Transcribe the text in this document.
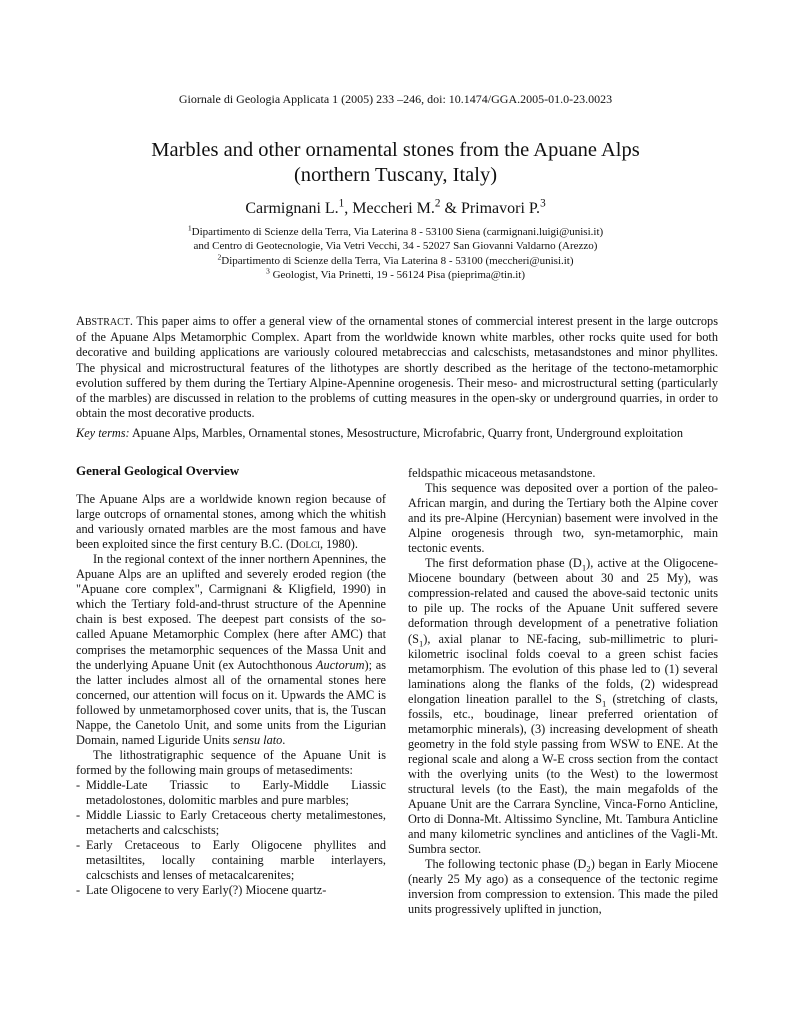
Giornale di Geologia Applicata 1 (2005) 233 –246, doi: 10.1474/GGA.2005-01.0-23.0023
Marbles and other ornamental stones from the Apuane Alps
(northern Tuscany, Italy)
Carmignani L.$^1$, Meccheri M.$^2$ & Primavori P.$^3$
$^1$Dipartimento di Scienze della Terra, Via Laterina 8 - 53100 Siena (carmignani.luigi@unisi.it)
and Centro di Geotecnologie, Via Vetri Vecchi, 34 - 52027 San Giovanni Valdarno (Arezzo)
$^2$Dipartimento di Scienze della Terra, Via Laterina 8 - 53100 (meccheri@unisi.it)
$^3$ Geologist, Via Prinetti, 19 - 56124 Pisa (pieprima@tin.it)
ABSTRACT. This paper aims to offer a general view of the ornamental stones of commercial interest present in the large outcrops of the Apuane Alps Metamorphic Complex. Apart from the worldwide known white marbles, other rocks quite used for both decorative and building applications are variously coloured metabreccias and calcschists, metasandstones and minor phyllites. The physical and microstructural features of the lithotypes are shortly described as the heritage of the tectono-metamorphic evolution suffered by them during the Tertiary Alpine-Apennine orogenesis. Their meso- and microstructural setting (particularly of the marbles) are discussed in relation to the problems of cutting measures in the open-sky or underground quarries, in order to obtain the most decorative products.
Key terms: Apuane Alps, Marbles, Ornamental stones, Mesostructure, Microfabric, Quarry front, Underground exploitation

General Geological Overview

The Apuane Alps are a worldwide known region because of large outcrops of ornamental stones, among which the whitish and variously ornated marbles are the most famous and have been exploited since the first century B.C. (Dolci, 1980).

In the regional context of the inner northern Apennines, the Apuane Alps are an uplifted and severely eroded region (the "Apuane core complex", Carmignani & Kligfield, 1990) in which the Tertiary fold-and-thrust structure of the Apennine chain is best exposed. The deepest part consists of the so-called Apuane Metamorphic Complex (here after AMC) that comprises the metamorphic sequences of the Massa Unit and the underlying Apuane Unit (ex Autochthonous Auctorum); as the latter includes almost all of the ornamental stones here concerned, our attention will focus on it. Upwards the AMC is followed by unmetamorphosed cover units, that is, the Tuscan Nappe, the Canetolo Unit, and some units from the Ligurian Domain, named Liguride Units sensu lato.

The lithostratigraphic sequence of the Apuane Unit is formed by the following main groups of metasediments:

- Middle-Late Triassic to Early-Middle Liassic metadolostones, dolomitic marbles and pure marbles;
- Middle Liassic to Early Cretaceous cherty metalimestones, metacherts and calcschists;
- Early Cretaceous to Early Oligocene phyllites and metasiltites, locally containing marble interlayers, calcschists and lenses of metacalcarenites;
- Late Oligocene to very Early(?) Miocene quartz-

feldspathic micaceous metasandstone.

This sequence was deposited over a portion of the paleo-African margin, and during the Tertiary both the Alpine cover and its pre-Alpine (Hercynian) basement were involved in the Alpine orogenesis through two, syn-metamorphic, main tectonic events.

The first deformation phase $(D_1)$, active at the Oligocene-Miocene boundary (between about 30 and 25 My), was compression-related and caused the above-said tectonic units to pile up. The rocks of the Apuane Unit suffered severe deformation through development of a penetrative foliation $(S_1)$, axial planar to NE-facing, sub-millimetric to pluri-kilometric isoclinal folds coeval to a green schist facies metamorphism. The evolution of this phase led to (1) several laminations along the flanks of the folds, (2) widespread elongation lineation parallel to the $S_1$ (stretching of clasts, fossils, etc., boudinage, linear preferred orientation of metamorphic minerals), (3) increasing development of sheath geometry in the fold style passing from WSW to ENE. At the regional scale and along a W-E cross section from the contact with the overlying units (to the West) to the lowermost structural levels (to the East), the main megafolds of the Apuane Unit are the Carrara Syncline, Vinca-Forno Anticline, Orto di Donna-Mt. Altissimo Syncline, Mt. Tambura Anticline and many kilometric synclines and anticlines of the Vagli-Mt. Sumbra sector.

The following tectonic phase $(D_2)$ began in Early Miocene (nearly 25 My ago) as a consequence of the tectonic regime inversion from compression to extension. This made the piled units progressively uplifted in junction,
